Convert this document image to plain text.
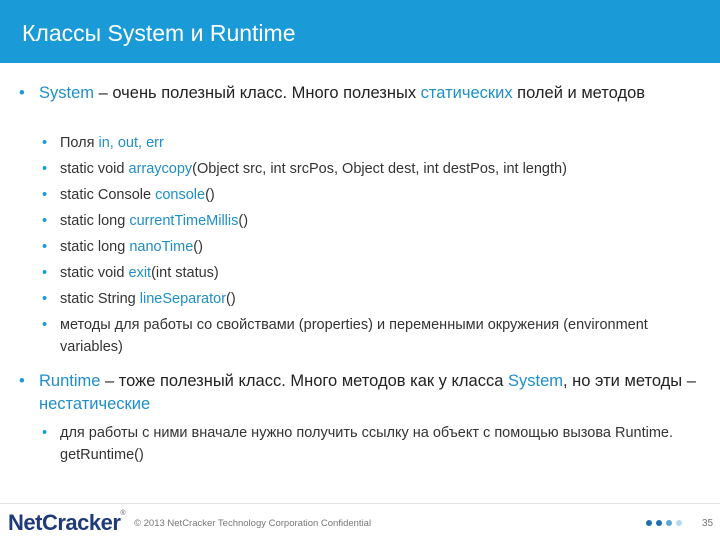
Классы System и Runtime
• System – очень полезный класс. Много полезных статических полей и методов
• Поля in, out, err
• static void arraycopy(Object src, int srcPos, Object dest, int destPos, int length)
• static Console console()
• static long currentTimeMillis()
• static long nanoTime()
• static void exit(int status)
• static String lineSeparator()
• методы для работы со свойствами (properties) и переменными окружения (environment variables)
• Runtime – тоже полезный класс. Много методов как у класса System, но эти методы – нестатические
• для работы с ними вначале нужно получить ссылку на объект с помощью вызова Runtime. getRuntime()
NetCracker®
© 2013 NetCracker Technology Corporation Confidential	35
